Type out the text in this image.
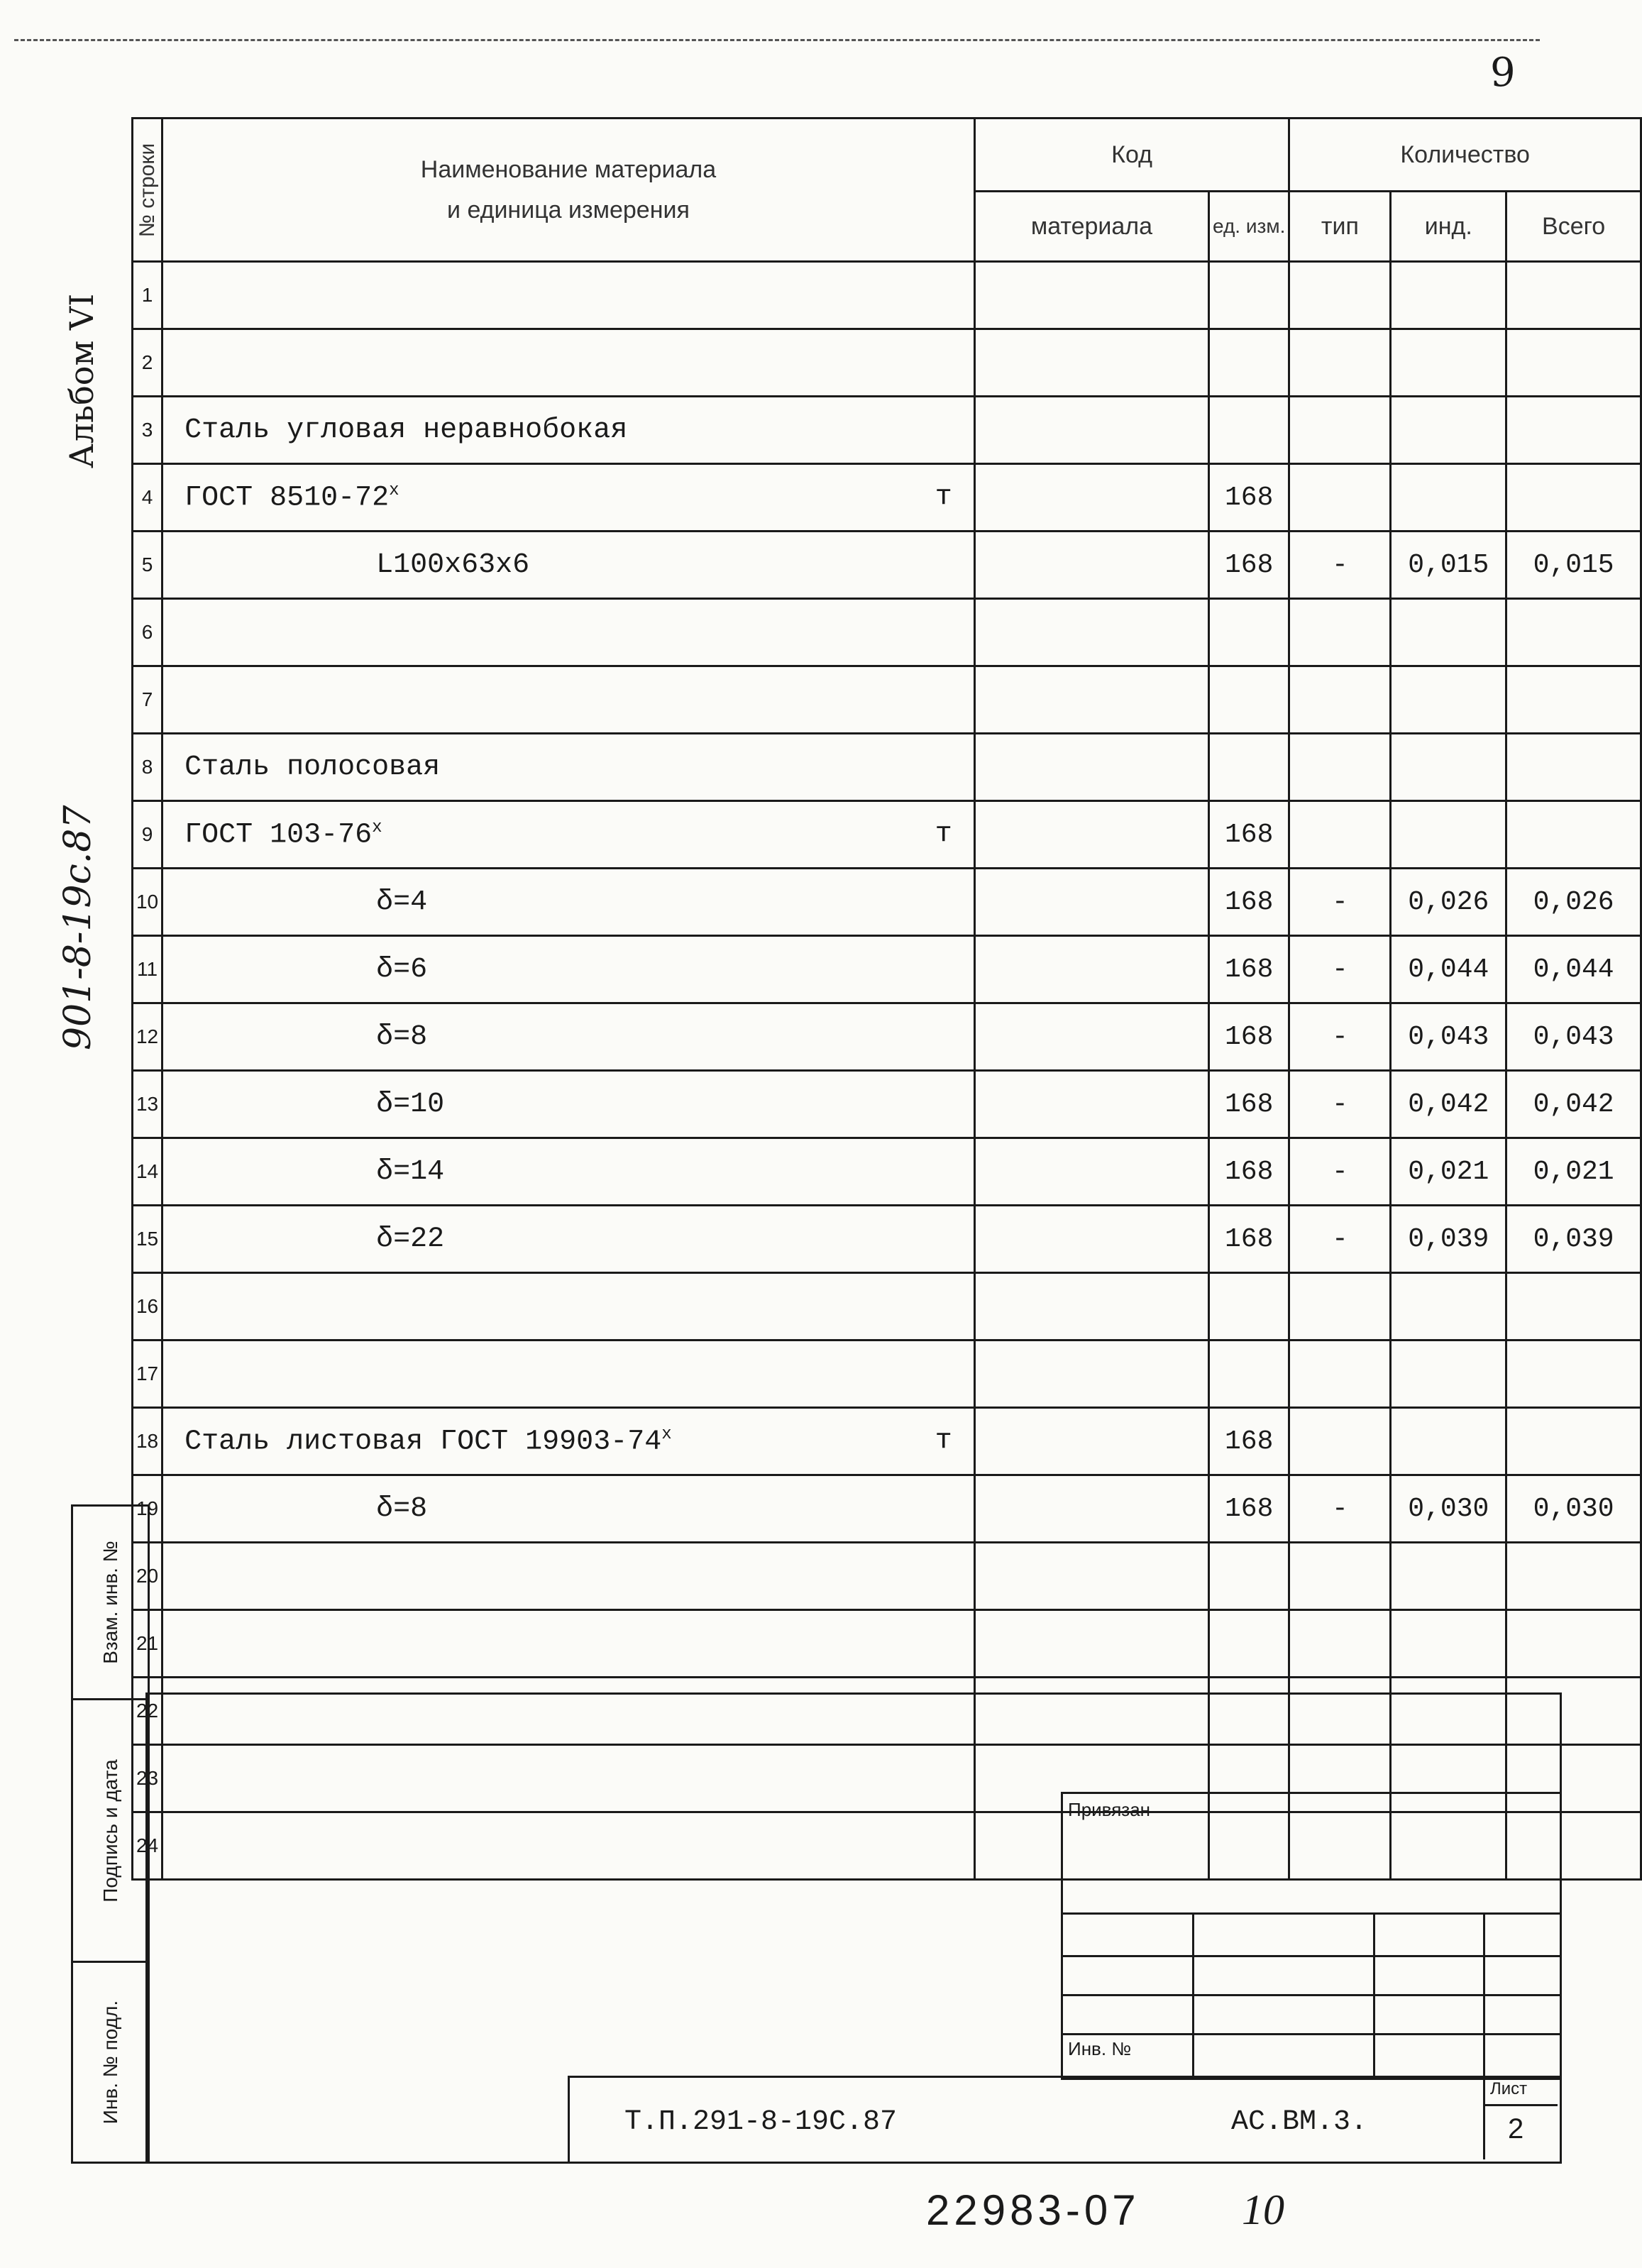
9
Альбом VI
901-8-19с.87
№ строки	Наименование материала
и единица измерения	Код		Количество		
		материала	ед. изм.	тип	инд.	Всего
1						
2						
3	Сталь угловая неравнобокая					
4	ГОСТ 8510-72$^x$ т		168			
5	L100x63x6		168	-	0,015	0,015
6						
7						
8	Сталь полосовая					
9	ГОСТ 103-76$^x$ т		168			
10	δ=4		168	-	0,026	0,026
11	δ=6		168	-	0,044	0,044
12	δ=8		168	-	0,043	0,043
13	δ=10		168	-	0,042	0,042
14	δ=14		168	-	0,021	0,021
15	δ=22		168	-	0,039	0,039
16						
17						
18	Сталь листовая ГОСТ 19903-74$^x$ т		168			
19	δ=8		168	-	0,030	0,030
20						
21						
22						
23						
24						
Взам. инв. №
Подпись и дата
Инв. № подл.
Привязан
Инв. №
Т.П.291-8-19С.87	АС.ВМ.3.
Лист
2
22983-07 10
